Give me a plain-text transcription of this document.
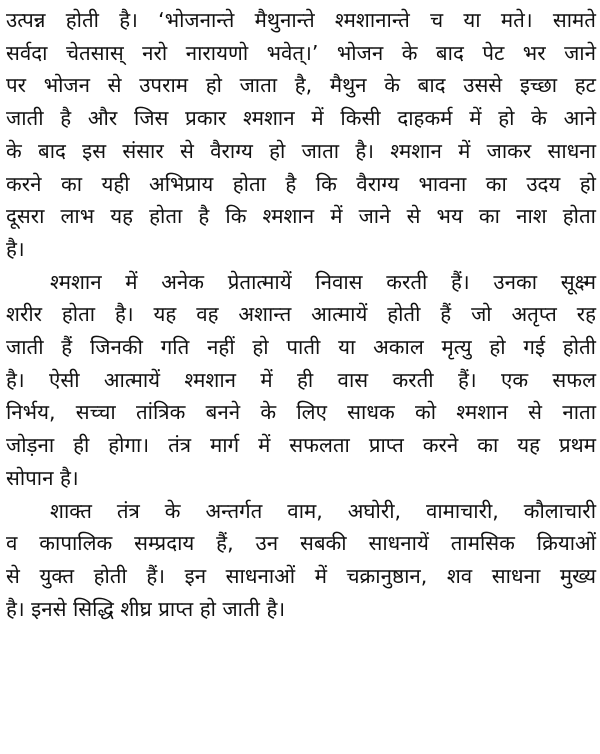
उत्पन्न होती है। ‘भोजनान्ते मैथुनान्ते श्मशानान्ते च या मते। सामते
सर्वदा चेतसास् नरो नारायणो भवेत्।’ भोजन के बाद पेट भर जाने
पर भोजन से उपराम हो जाता है, मैथुन के बाद उससे इच्छा हट
जाती है और जिस प्रकार श्मशान में किसी दाहकर्म में हो के आने
के बाद इस संसार से वैराग्य हो जाता है। श्मशान में जाकर साधना
करने का यही अभिप्राय होता है कि वैराग्य भावना का उदय हो
दूसरा लाभ यह होता है कि श्मशान में जाने से भय का नाश होता
है।
श्मशान में अनेक प्रेतात्मायें निवास करती हैं। उनका सूक्ष्म
शरीर होता है। यह वह अशान्त आत्मायें होती हैं जो अतृप्त रह
जाती हैं जिनकी गति नहीं हो पाती या अकाल मृत्यु हो गई होती
है। ऐसी आत्मायें श्मशान में ही वास करती हैं। एक सफल
निर्भय, सच्चा तांत्रिक बनने के लिए साधक को श्मशान से नाता
जोड़ना ही होगा। तंत्र मार्ग में सफलता प्राप्त करने का यह प्रथम
सोपान है।
शाक्त तंत्र के अन्तर्गत वाम, अघोरी, वामाचारी, कौलाचारी
व कापालिक सम्प्रदाय हैं, उन सबकी साधनायें तामसिक क्रियाओं
से युक्त होती हैं। इन साधनाओं में चक्रानुष्ठान, शव साधना मुख्य
है। इनसे सिद्धि शीघ्र प्राप्त हो जाती है।
